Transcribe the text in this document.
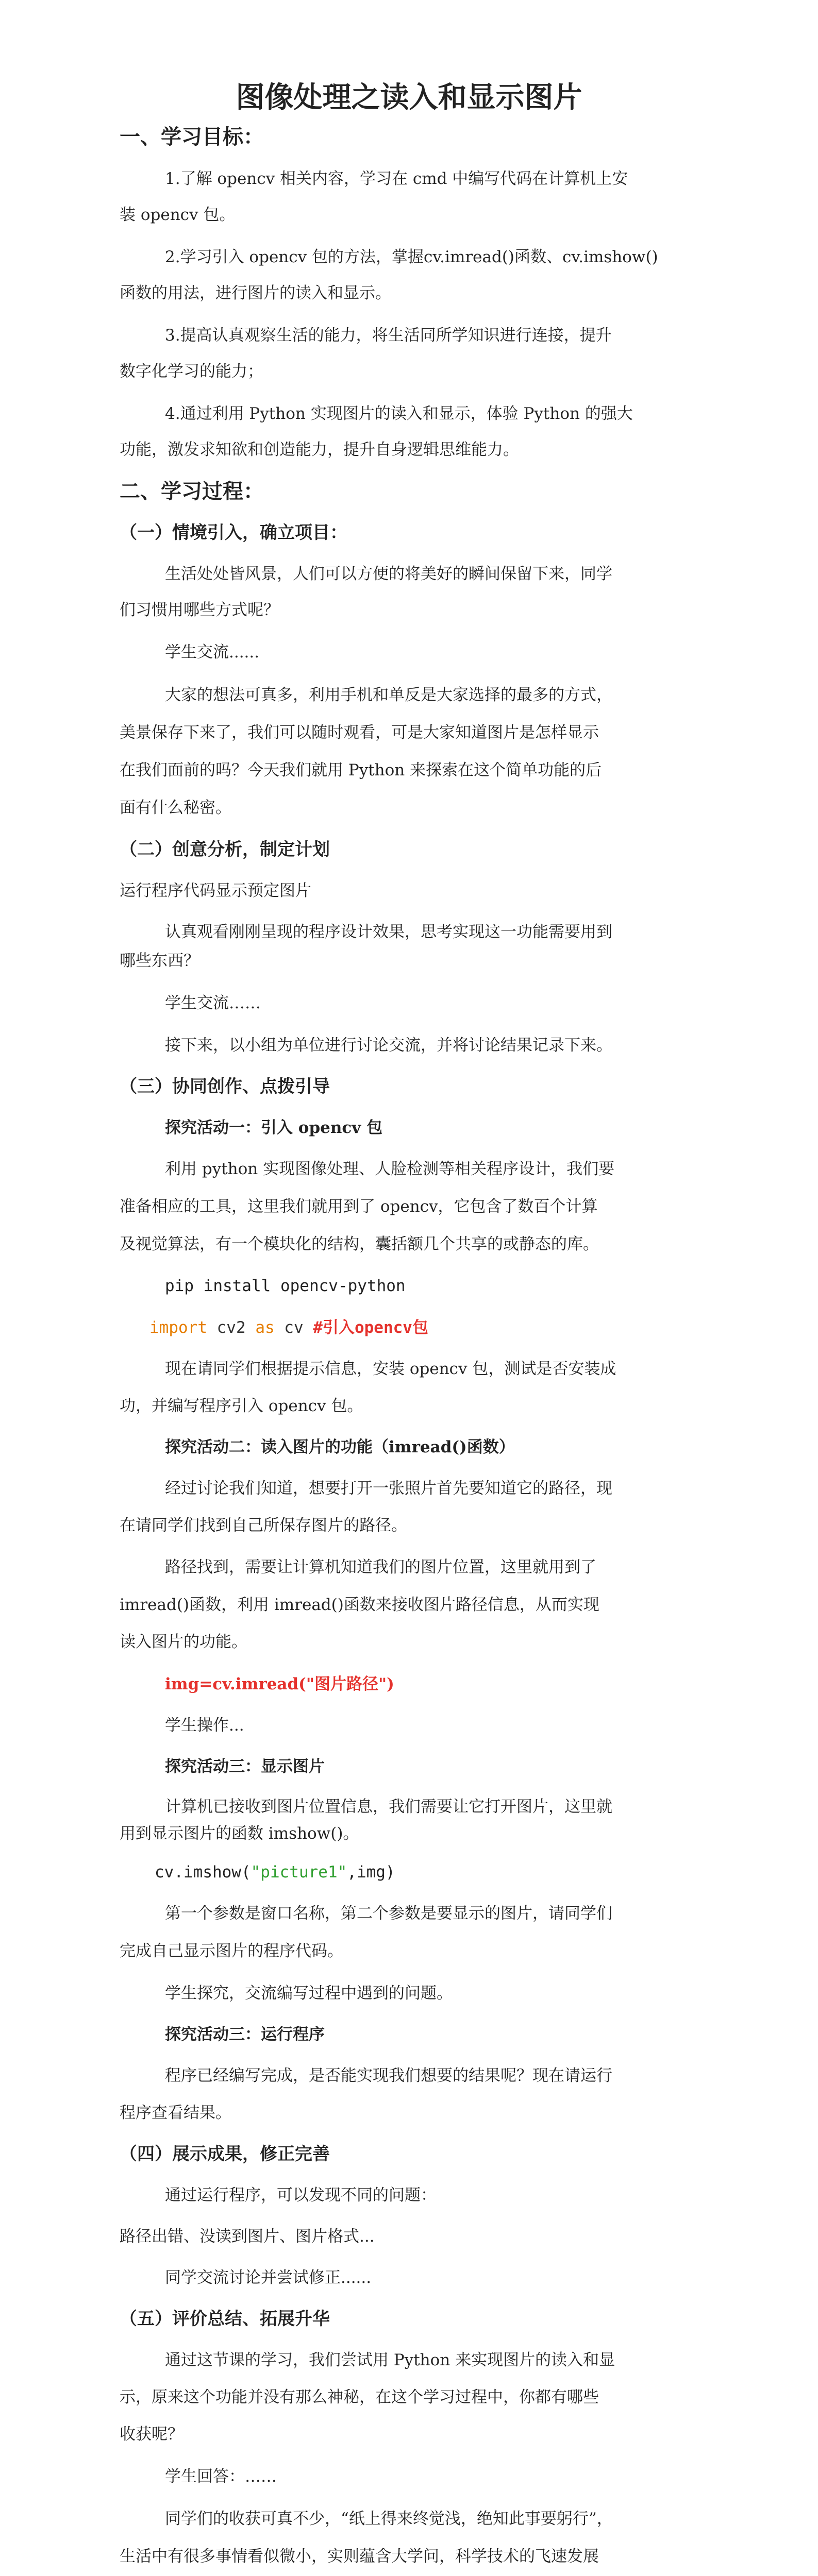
图像处理之读入和显示图片
一、学习目标：
1.了解 opencv 相关内容，学习在 cmd 中编写代码在计算机上安
装 opencv 包。
2.学习引入 opencv 包的方法，掌握cv.imread()函数、cv.imshow()
函数的用法，进行图片的读入和显示。
3.提高认真观察生活的能力，将生活同所学知识进行连接，提升
数字化学习的能力；
4.通过利用 Python 实现图片的读入和显示，体验 Python 的强大
功能，激发求知欲和创造能力，提升自身逻辑思维能力。
二、学习过程：
（一）情境引入，确立项目：
生活处处皆风景，人们可以方便的将美好的瞬间保留下来，同学
们习惯用哪些方式呢？
学生交流......
大家的想法可真多，利用手机和单反是大家选择的最多的方式，
美景保存下来了，我们可以随时观看，可是大家知道图片是怎样显示
在我们面前的吗？今天我们就用 Python 来探索在这个简单功能的后
面有什么秘密。
（二）创意分析，制定计划
运行程序代码显示预定图片
认真观看刚刚呈现的程序设计效果，思考实现这一功能需要用到
哪些东西？
学生交流……
接下来，以小组为单位进行讨论交流，并将讨论结果记录下来。
（三）协同创作、点拨引导
探究活动一：引入 opencv 包
利用 python 实现图像处理、人脸检测等相关程序设计，我们要
准备相应的工具，这里我们就用到了 opencv，它包含了数百个计算
及视觉算法，有一个模块化的结构，囊括额几个共享的或静态的库。
pip install opencv-python
import cv2 as cv #引入opencv包
现在请同学们根据提示信息，安装 opencv 包，测试是否安装成
功，并编写程序引入 opencv 包。
探究活动二：读入图片的功能（imread()函数）
经过讨论我们知道，想要打开一张照片首先要知道它的路径，现
在请同学们找到自己所保存图片的路径。
路径找到，需要让计算机知道我们的图片位置，这里就用到了
imread()函数，利用 imread()函数来接收图片路径信息，从而实现
读入图片的功能。
img=cv.imread("图片路径")
学生操作...
探究活动三：显示图片
计算机已接收到图片位置信息，我们需要让它打开图片，这里就
用到显示图片的函数 imshow()。
cv.imshow("picture1",img)
第一个参数是窗口名称，第二个参数是要显示的图片，请同学们
完成自己显示图片的程序代码。
学生探究，交流编写过程中遇到的问题。
探究活动三：运行程序
程序已经编写完成，是否能实现我们想要的结果呢？现在请运行
程序查看结果。
（四）展示成果，修正完善
通过运行程序，可以发现不同的问题：
路径出错、没读到图片、图片格式...
同学交流讨论并尝试修正......
（五）评价总结、拓展升华
通过这节课的学习，我们尝试用 Python 来实现图片的读入和显
示，原来这个功能并没有那么神秘，在这个学习过程中，你都有哪些
收获呢？
学生回答：……
同学们的收获可真不少，“纸上得来终觉浅，绝知此事要躬行”，
生活中有很多事情看似微小，实则蕴含大学问，科学技术的飞速发展
